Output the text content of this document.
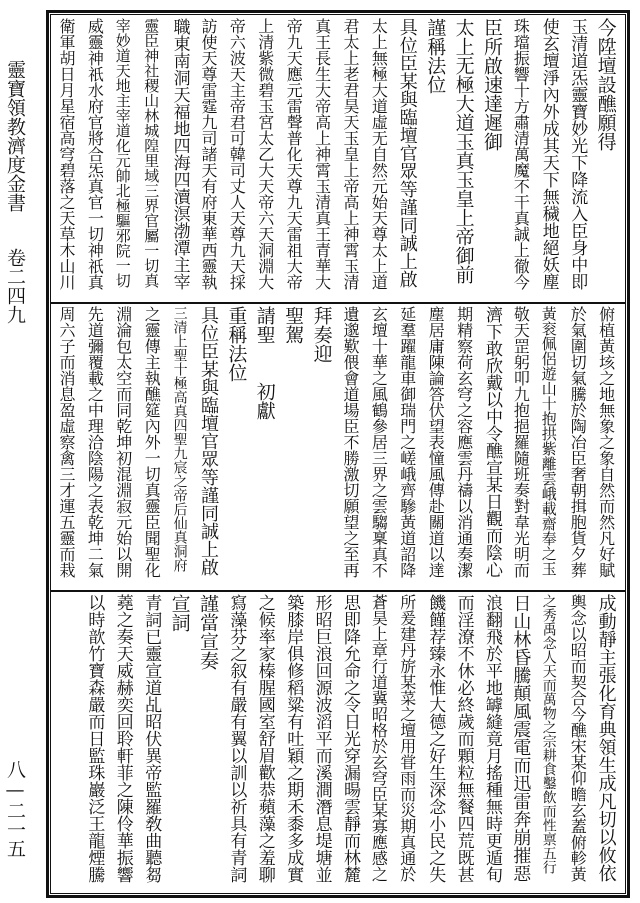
靈寶領教濟度金書
卷二四九
八—二一五
今陞壇設醮願得
玉清道炁靈寶妙光下降流入臣身中即
使玄壇淨內外成其天下無穢地絕妖塵
珠璫振響十方肅清萬魔不干真誠上徹今
臣所啟速達遲御
太上无極大道玉真玉皇上帝御前
謹稱法位
具位臣某與臨壇官眾等謹同誠上啟
太上無極大道虛无自然元始天尊太上道
君太上老君昊天玉皇上帝高上神霄玉清
真王長生大帝高上神霄玉清真王青華大
帝九天應元雷聲普化天尊九天雷祖大帝
上清紫微碧玉宮太乙大天帝六天洞淵大
帝六波天主帝君可韓司丈人天尊九天採
訪使天尊雷霆九司諸天有府東華西靈執
職東南洞天福地四海四瀆溟渤潭主宰
靈臣神社稷山林城隍里域三界官屬一切真
宰妙道天地主宰道化元帥北極驅邪院一切
威靈神祇水府官將合炁真官一切神祇真
衛軍胡日月星宿高穹碧落之天草木山川
俯植黃垓之地無象之象自然而然凡好賦
於氣圍切氣騰於陶冶臣奢朝揖胞貨夕葬
黃衮佩侶遊山十抱拱紫離雲峨載齋奉之玉
敬天罡躬叩九抱挹羅隨班奏對韋光明而
濟下敢欣戴以中令醮宣某日觀而陰心
期精察荷玄穹之容應雲丹禱以消通奏潔
塵居庸陳論答伏望表憧風傳赴關道以達
延羣躍龍車御瑞門之嵯峨齊驂黃道詔降
玄壇十華之風鶴參居三界之雲騶稟真不
遺邈歎偎會道場臣不勝激切願望之至再
拜奏迎
聖駕
請聖　　初獻
重稱法位
具位臣某與臨壇官眾等謹同誠上啟
三清上聖十極高真四聖九宸之帝后仙真洞府
之靈傳主執醮筵內外一切真靈臣聞聖化
淵淪包太空而同乾坤初混淵寂元始以開
先道彌覆載之中理洽陰陽之表乾坤二氣
周六子而消息盈虛察禽三才運五靈而栽
成動靜主張化育典領生成凡切以攸依
輿念以昭而契合今醮宋某仰瞻玄蓋俯軫黃
之秀禹念人天而萬物之宗耕食鑿飲而性禀五行
日山林昏騰顛風震電而迅雷奔崩摧惡
浪翻飛於平地罅縫竟月搖種無時更遁旬
而淫潦不休必終歲而顆粒無餐四荒既甚
饑饉荐臻永惟大德之好生深念小民之失
所爰建丹旂某菜之壇用甞雨而災期真通於
蒼昊上章行道冀昭格於玄穹臣某寡應感之
思即降允命之令日光穿漏暘雲靜而林麓
形昭巨浪回源波滔平而溪澗潛息堤塘並
築膝岸俱修稻粱有吐穎之期禾黍多成實
之候率家榛腥國室舒眉歡恭蘋藻之羞聊
寫藻芬之叙有嚴有翼以訓以祈具有青詞
謹當宣奏
宣詞
青詞已靈宣道乩昭伏異帝監羅敎曲聽芻
蕘之奏天威赫奕回聆軒菲之陳伶華振響
以時歆竹寶森嚴而日監珠巖泛王龍煙騰
